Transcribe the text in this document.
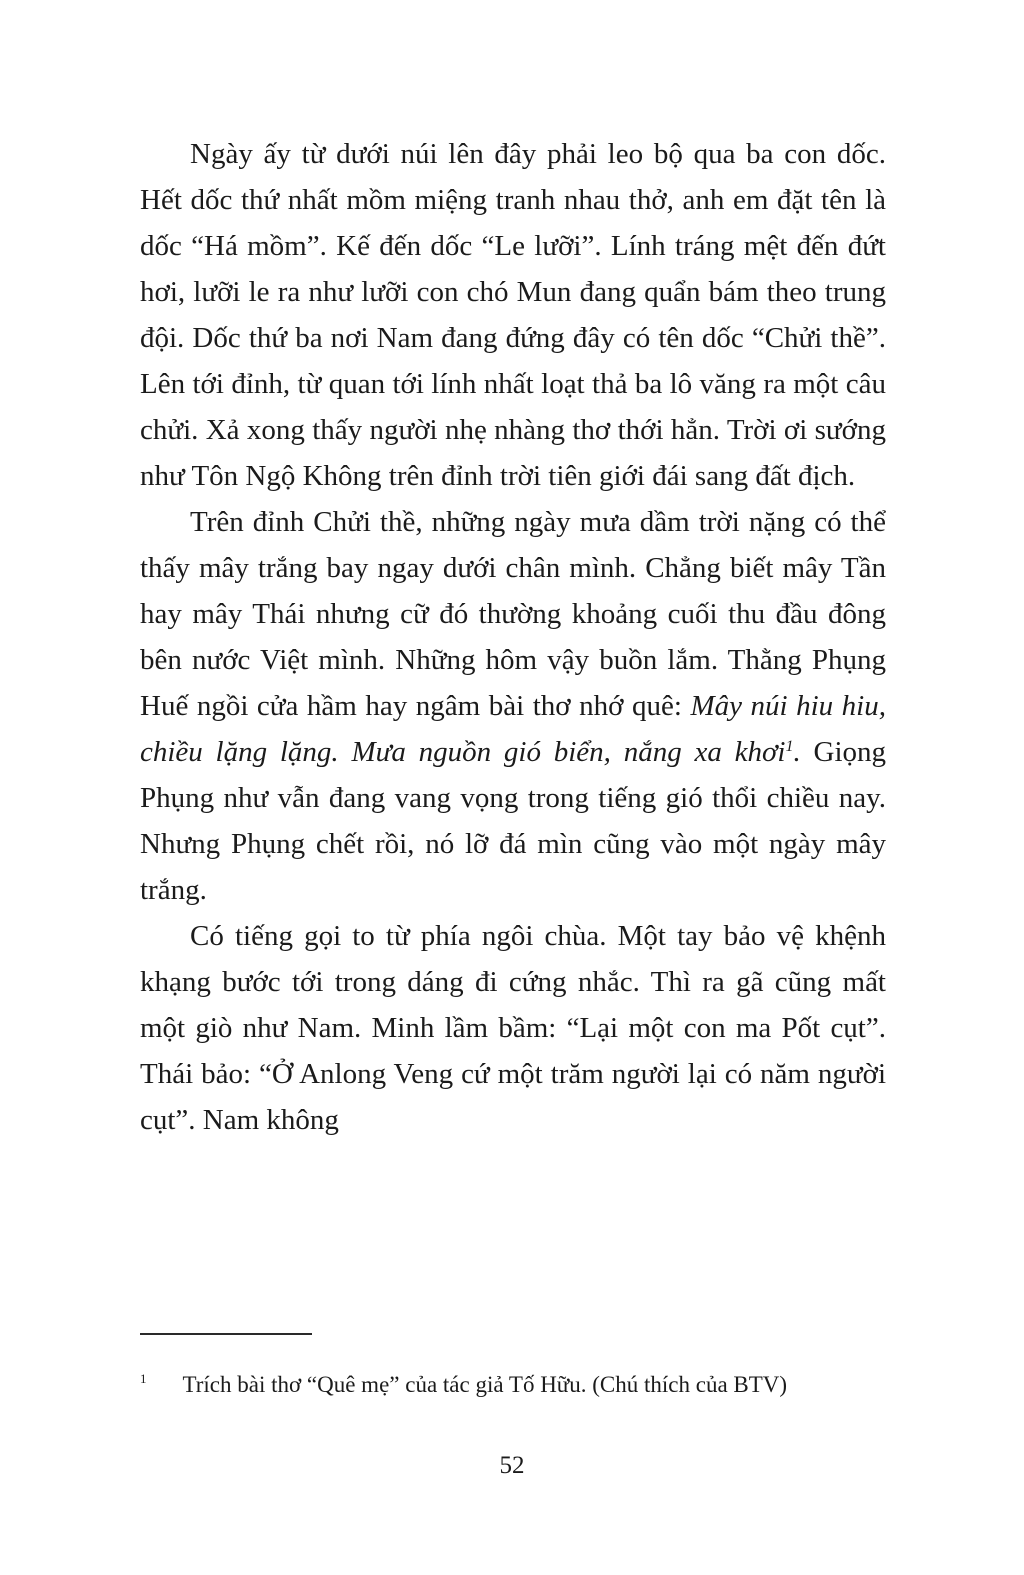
Ngày ấy từ dưới núi lên đây phải leo bộ qua ba con dốc. Hết dốc thứ nhất mồm miệng tranh nhau thở, anh em đặt tên là dốc “Há mồm”. Kế đến dốc “Le lưỡi”. Lính tráng mệt đến đứt hơi, lưỡi le ra như lưỡi con chó Mun đang quẩn bám theo trung đội. Dốc thứ ba nơi Nam đang đứng đây có tên dốc “Chửi thề”. Lên tới đỉnh, từ quan tới lính nhất loạt thả ba lô văng ra một câu chửi. Xả xong thấy người nhẹ nhàng thơ thới hẳn. Trời ơi sướng như Tôn Ngộ Không trên đỉnh trời tiên giới đái sang đất địch.

Trên đỉnh Chửi thề, những ngày mưa dầm trời nặng có thể thấy mây trắng bay ngay dưới chân mình. Chẳng biết mây Tần hay mây Thái nhưng cữ đó thường khoảng cuối thu đầu đông bên nước Việt mình. Những hôm vậy buồn lắm. Thằng Phụng Huế ngồi cửa hầm hay ngâm bài thơ nhớ quê: Mây núi hiu hiu, chiều lặng lặng. Mưa nguồn gió biển, nắng xa khơi$^1$. Giọng Phụng như vẫn đang vang vọng trong tiếng gió thổi chiều nay. Nhưng Phụng chết rồi, nó lỡ đá mìn cũng vào một ngày mây trắng.

Có tiếng gọi to từ phía ngôi chùa. Một tay bảo vệ khệnh khạng bước tới trong dáng đi cứng nhắc. Thì ra gã cũng mất một giò như Nam. Minh lầm bầm: “Lại một con ma Pốt cụt”. Thái bảo: “Ở Anlong Veng cứ một trăm người lại có năm người cụt”. Nam không

$^1$ Trích bài thơ “Quê mẹ” của tác giả Tố Hữu. (Chú thích của BTV)
52
